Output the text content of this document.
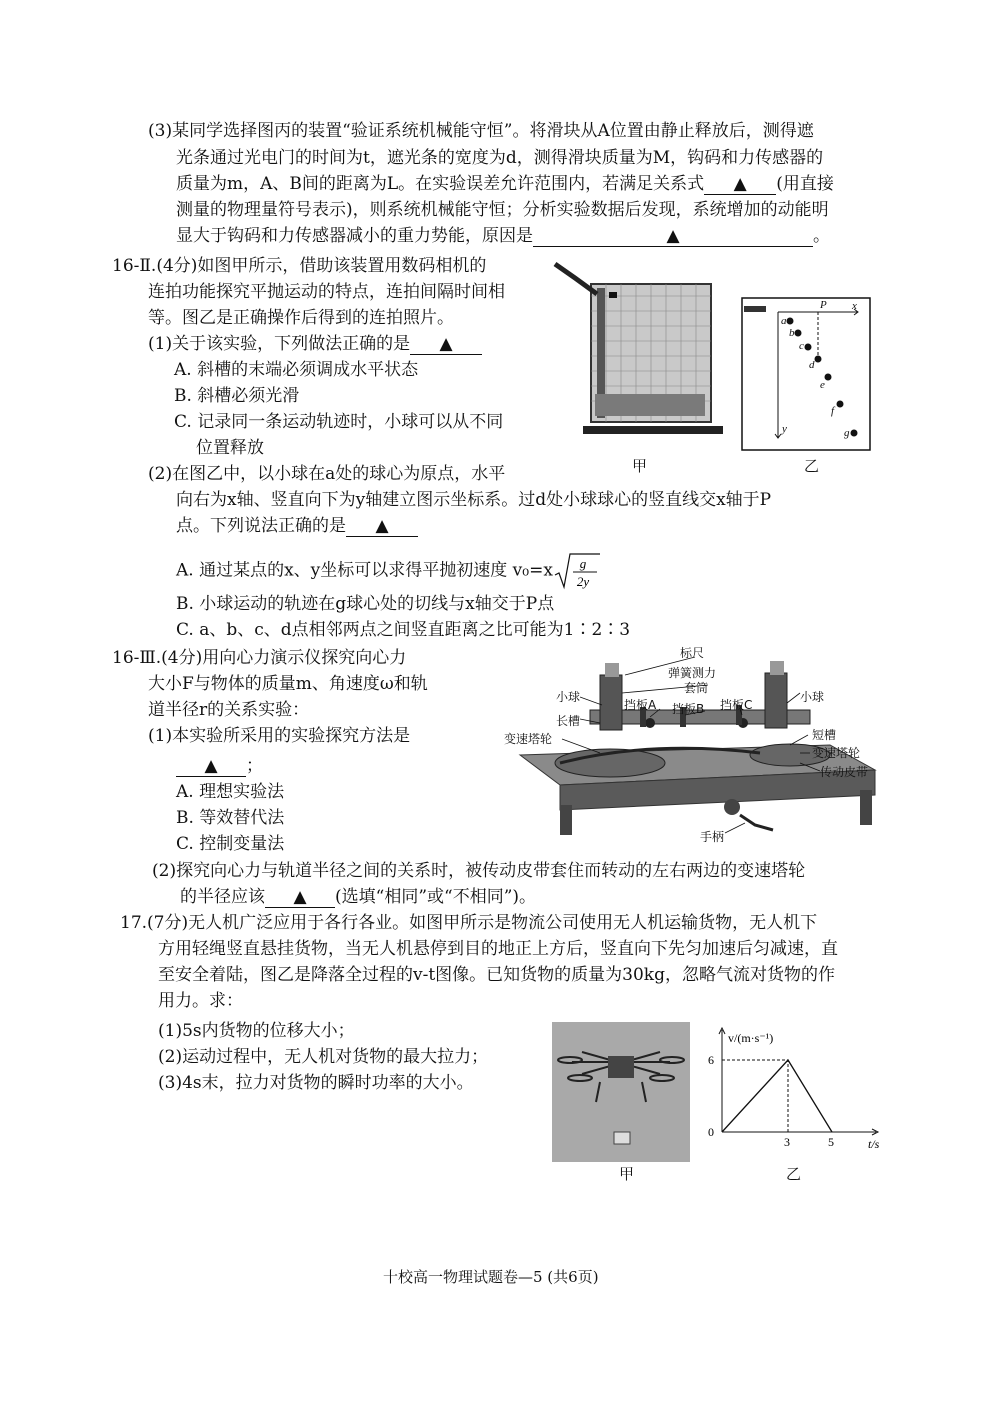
(3)某同学选择图丙的装置“验证系统机械能守恒”。将滑块从A位置由静止释放后，测得遮
光条通过光电门的时间为t，遮光条的宽度为d，测得滑块质量为M，钩码和力传感器的
质量为m，A、B间的距离为L。在实验误差允许范围内，若满足关系式 ▲ (用直接
测量的物理量符号表示)，则系统机械能守恒；分析实验数据后发现，系统增加的动能明
显大于钩码和力传感器减小的重力势能，原因是	▲	。
16-Ⅱ.(4分)如图甲所示，借助该装置用数码相机的
连拍功能探究平抛运动的特点，连拍间隔时间相
等。图乙是正确操作后得到的连拍照片。
(1)关于该实验，下列做法正确的是 ▲
A. 斜槽的末端必须调成水平状态
B. 斜槽必须光滑
C. 记录同一条运动轨迹时，小球可以从不同
位置释放
(2)在图乙中，以小球在a处的球心为原点，水平
向右为x轴、竖直向下为y轴建立图示坐标系。过d处小球球心的竖直线交x轴于P
点。下列说法正确的是 ▲
A. 通过某点的x、y坐标可以求得平抛初速度 v₀=x g
2y
B. 小球运动的轨迹在g球心处的切线与x轴交于P点
C. a、b、c、d点相邻两点之间竖直距离之比可能为1∶2∶3
甲
a
b
c
d
e
f
g
P x
y
乙
16-Ⅲ.(4分)用向心力演示仪探究向心力
大小F与物体的质量m、角速度ω和轨
道半径r的关系实验：
(1)本实验所采用的实验探究方法是
▲ ；
A. 理想实验法
B. 等效替代法
C. 控制变量法
(2)探究向心力与轨道半径之间的关系时，被传动皮带套住而转动的左右两边的变速塔轮
的半径应该 ▲ (选填“相同”或“不相同”)。
标尺
弹簧测力
套筒
小球	小球
长槽
挡板A 挡板B 挡板C
短槽
变速塔轮
变速塔轮
传动皮带
手柄
17.(7分)无人机广泛应用于各行各业。如图甲所示是物流公司使用无人机运输货物，无人机下
方用轻绳竖直悬挂货物，当无人机悬停到目的地正上方后，竖直向下先匀加速后匀减速，直
至安全着陆，图乙是降落全过程的v-t图像。已知货物的质量为30kg，忽略气流对货物的作
用力。求：
(1)5s内货物的位移大小；
(2)运动过程中，无人机对货物的最大拉力；
(3)4s末，拉力对货物的瞬时功率的大小。
甲
v/(m·s⁻¹)
t/s
0
3	5
6
乙
十校高一物理试题卷—5 (共6页)
